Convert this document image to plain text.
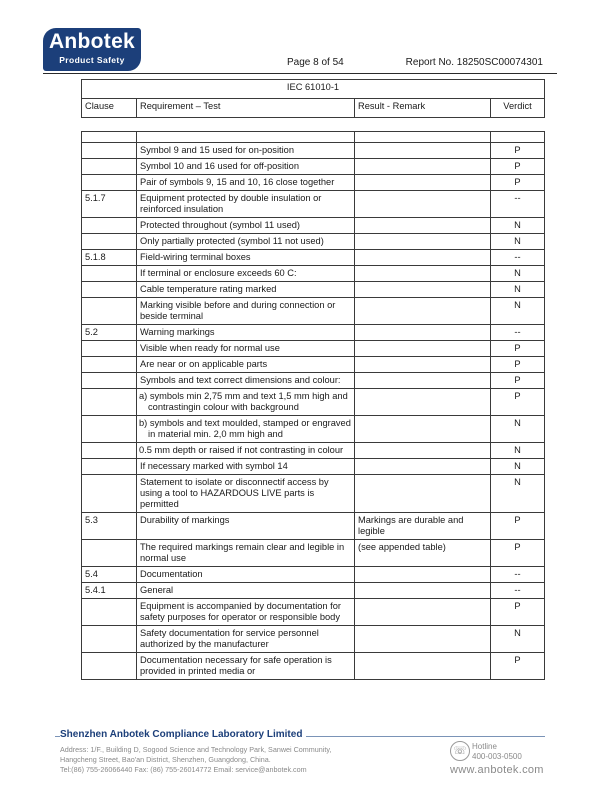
Anbotek
Product Safety	Page 8 of 54	Report No. 18250SC00074301
IEC 61010-1
Clause	Requirement – Test	Result - Remark	Verdict

	Symbol 9 and 15 used for on-position		P
	Symbol 10 and 16 used for off-position		P
	Pair of symbols 9, 15 and 10, 16 close together		P
5.1.7	Equipment protected by double insulation or reinforced insulation		--
	Protected throughout (symbol 11 used)		N
	Only partially protected (symbol 11 not used)		N
5.1.8	Field-wiring terminal boxes		--
	If terminal or enclosure exceeds 60 C:		N
	Cable temperature rating marked		N
	Marking visible before and during connection or beside terminal		N
5.2	Warning markings		--
	Visible when ready for normal use		P
	Are near or on applicable parts		P
	Symbols and text correct dimensions and colour:		P
	a) symbols min 2,75 mm and text 1,5 mm high and contrastingin colour with background		P
	b) symbols and text moulded, stamped or engraved in material min. 2,0 mm high and		N
	0.5 mm depth or raised if not contrasting in colour		N
	If necessary marked with symbol 14		N
	Statement to isolate or disconnectif access by using a tool to HAZARDOUS LIVE parts is permitted		N
5.3	Durability of markings	Markings are durable and legible	P
	The required markings remain clear and legible in normal use	(see appended table)	P
5.4	Documentation		--
5.4.1	General		--
	Equipment is accompanied by documentation for safety purposes for operator or responsible body		P
	Safety documentation for service personnel authorized by the manufacturer		N
	Documentation necessary for safe operation is provided in printed media or		P
Shenzhen Anbotek Compliance Laboratory Limited
Address: 1/F., Building D, Sogood Science and Technology Park, Sanwei Community,
Hangcheng Street, Bao'an District, Shenzhen, Guangdong, China.
Tel:(86) 755-26066440 Fax: (86) 755-26014772 Email: service@anbotek.com
☏ Hotline
400-003-0500
www.anbotek.com
